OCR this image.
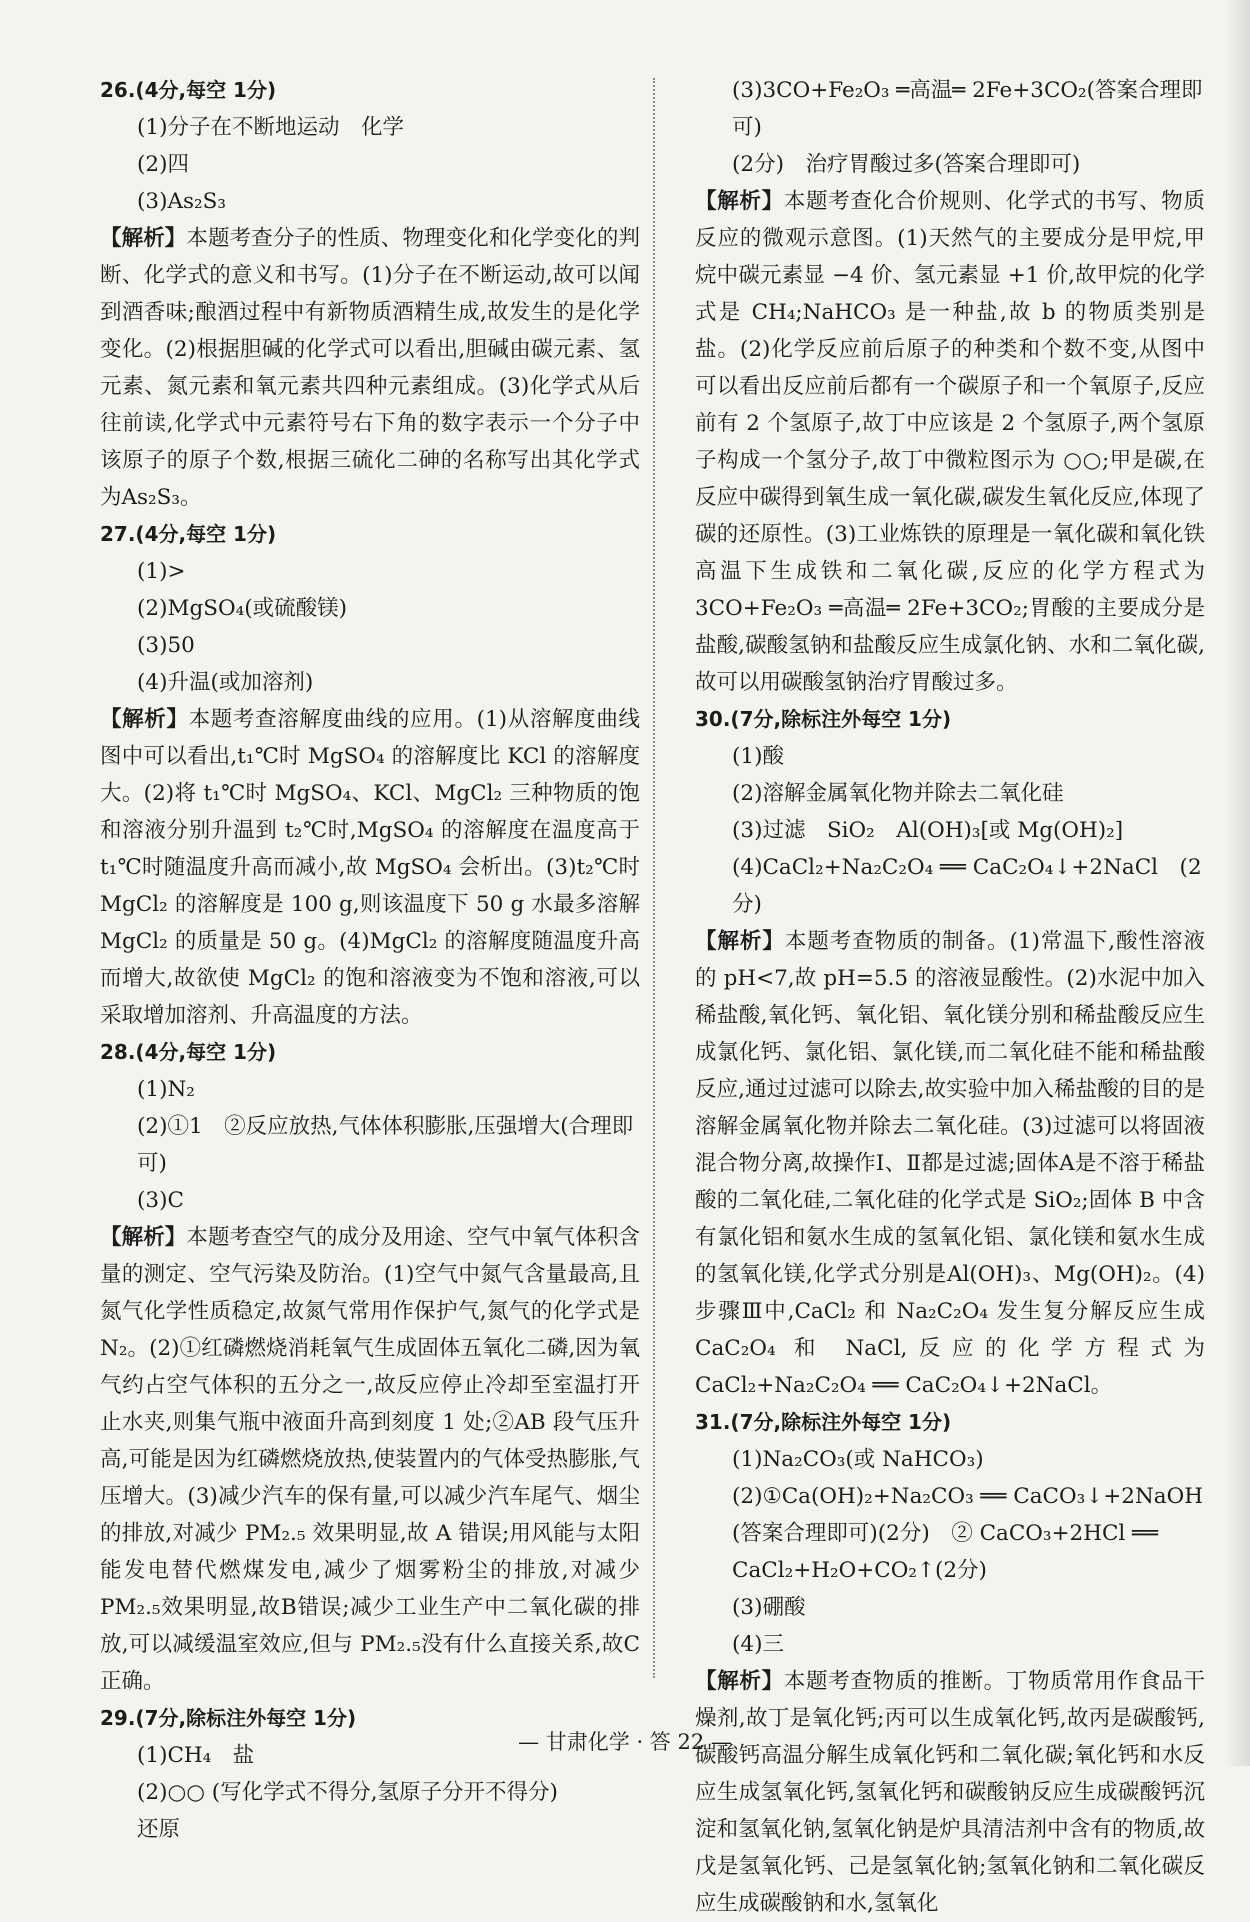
26.(4分,每空 1分)
(1)分子在不断地运动　化学
(2)四
(3)As₂S₃
【解析】本题考查分子的性质、物理变化和化学变化的判断、化学式的意义和书写。(1)分子在不断运动,故可以闻到酒香味;酿酒过程中有新物质酒精生成,故发生的是化学变化。(2)根据胆碱的化学式可以看出,胆碱由碳元素、氢元素、氮元素和氧元素共四种元素组成。(3)化学式从后往前读,化学式中元素符号右下角的数字表示一个分子中该原子的原子个数,根据三硫化二砷的名称写出其化学式为As₂S₃。
27.(4分,每空 1分)
(1)>
(2)MgSO₄(或硫酸镁)
(3)50
(4)升温(或加溶剂)
【解析】本题考查溶解度曲线的应用。(1)从溶解度曲线图中可以看出,t₁℃时 MgSO₄ 的溶解度比 KCl 的溶解度大。(2)将 t₁℃时 MgSO₄、KCl、MgCl₂ 三种物质的饱和溶液分别升温到 t₂℃时,MgSO₄ 的溶解度在温度高于 t₁℃时随温度升高而减小,故 MgSO₄ 会析出。(3)t₂℃时 MgCl₂ 的溶解度是 100 g,则该温度下 50 g 水最多溶解 MgCl₂ 的质量是 50 g。(4)MgCl₂ 的溶解度随温度升高而增大,故欲使 MgCl₂ 的饱和溶液变为不饱和溶液,可以采取增加溶剂、升高温度的方法。
28.(4分,每空 1分)
(1)N₂
(2)①1　②反应放热,气体体积膨胀,压强增大(合理即可)
(3)C
【解析】本题考查空气的成分及用途、空气中氧气体积含量的测定、空气污染及防治。(1)空气中氮气含量最高,且氮气化学性质稳定,故氮气常用作保护气,氮气的化学式是 N₂。(2)①红磷燃烧消耗氧气生成固体五氧化二磷,因为氧气约占空气体积的五分之一,故反应停止冷却至室温打开止水夹,则集气瓶中液面升高到刻度 1 处;②AB 段气压升高,可能是因为红磷燃烧放热,使装置内的气体受热膨胀,气压增大。(3)减少汽车的保有量,可以减少汽车尾气、烟尘的排放,对减少 PM₂.₅ 效果明显,故 A 错误;用风能与太阳能发电替代燃煤发电,减少了烟雾粉尘的排放,对减少PM₂.₅效果明显,故B错误;减少工业生产中二氧化碳的排放,可以减缓温室效应,但与 PM₂.₅没有什么直接关系,故C正确。
29.(7分,除标注外每空 1分)
(1)CH₄　盐
(2)○○ (写化学式不得分,氢原子分开不得分)
还原
(3)3CO+Fe₂O₃ ═高温═ 2Fe+3CO₂(答案合理即可)
(2分)　治疗胃酸过多(答案合理即可)
【解析】本题考查化合价规则、化学式的书写、物质反应的微观示意图。(1)天然气的主要成分是甲烷,甲烷中碳元素显 −4 价、氢元素显 +1 价,故甲烷的化学式是 CH₄;NaHCO₃ 是一种盐,故 b 的物质类别是盐。(2)化学反应前后原子的种类和个数不变,从图中可以看出反应前后都有一个碳原子和一个氧原子,反应前有 2 个氢原子,故丁中应该是 2 个氢原子,两个氢原子构成一个氢分子,故丁中微粒图示为 ○○;甲是碳,在反应中碳得到氧生成一氧化碳,碳发生氧化反应,体现了碳的还原性。(3)工业炼铁的原理是一氧化碳和氧化铁高温下生成铁和二氧化碳,反应的化学方程式为 3CO+Fe₂O₃ ═高温═ 2Fe+3CO₂;胃酸的主要成分是盐酸,碳酸氢钠和盐酸反应生成氯化钠、水和二氧化碳,故可以用碳酸氢钠治疗胃酸过多。
30.(7分,除标注外每空 1分)
(1)酸
(2)溶解金属氧化物并除去二氧化硅
(3)过滤　SiO₂　Al(OH)₃[或 Mg(OH)₂]
(4)CaCl₂+Na₂C₂O₄ ══ CaC₂O₄↓+2NaCl　(2分)
【解析】本题考查物质的制备。(1)常温下,酸性溶液的 pH<7,故 pH=5.5 的溶液显酸性。(2)水泥中加入稀盐酸,氧化钙、氧化铝、氧化镁分别和稀盐酸反应生成氯化钙、氯化铝、氯化镁,而二氧化硅不能和稀盐酸反应,通过过滤可以除去,故实验中加入稀盐酸的目的是溶解金属氧化物并除去二氧化硅。(3)过滤可以将固液混合物分离,故操作Ⅰ、Ⅱ都是过滤;固体A是不溶于稀盐酸的二氧化硅,二氧化硅的化学式是 SiO₂;固体 B 中含有氯化铝和氨水生成的氢氧化铝、氯化镁和氨水生成的氢氧化镁,化学式分别是Al(OH)₃、Mg(OH)₂。(4)步骤Ⅲ中,CaCl₂ 和 Na₂C₂O₄ 发生复分解反应生成 CaC₂O₄ 和 NaCl,反应的化学方程式为 CaCl₂+Na₂C₂O₄ ══ CaC₂O₄↓+2NaCl。
31.(7分,除标注外每空 1分)
(1)Na₂CO₃(或 NaHCO₃)
(2)①Ca(OH)₂+Na₂CO₃ ══ CaCO₃↓+2NaOH (答案合理即可)(2分)　② CaCO₃+2HCl ══ CaCl₂+H₂O+CO₂↑(2分)
(3)硼酸
(4)三
【解析】本题考查物质的推断。丁物质常用作食品干燥剂,故丁是氧化钙;丙可以生成氧化钙,故丙是碳酸钙,碳酸钙高温分解生成氧化钙和二氧化碳;氧化钙和水反应生成氢氧化钙,氢氧化钙和碳酸钠反应生成碳酸钙沉淀和氢氧化钠,氢氧化钠是炉具清洁剂中含有的物质,故戊是氢氧化钙、己是氢氧化钠;氢氧化钠和二氧化碳反应生成碳酸钠和水,氢氧化
— 甘肃化学 · 答 22 —
